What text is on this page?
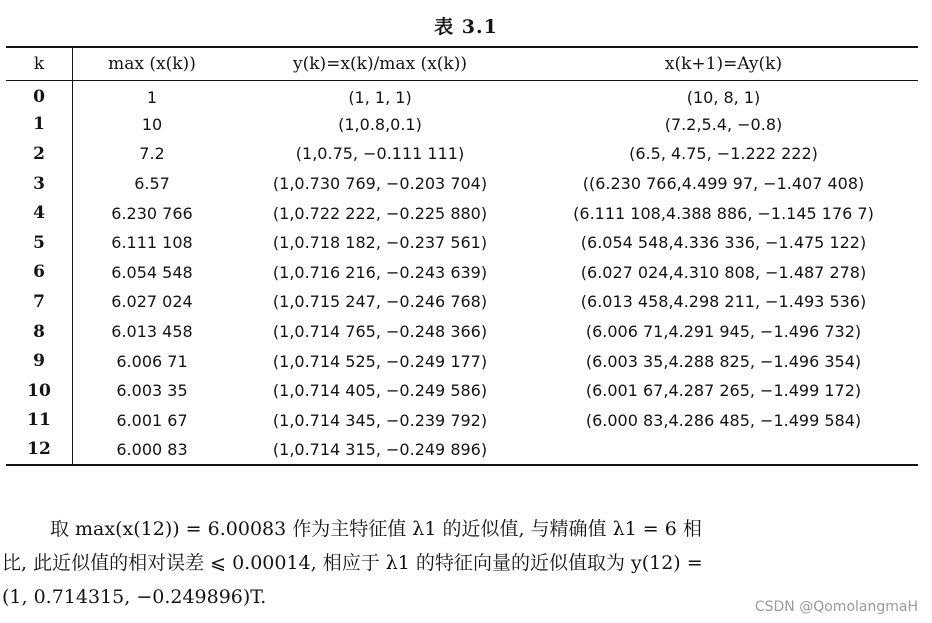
表 3.1
k	max (x(k))	y(k)=x(k)/max (x(k))	x(k+1)=Ay(k)
0	1	(1, 1, 1)	(10, 8, 1)
1	10	(1,0.8,0.1)	(7.2,5.4, −0.8)
2	7.2	(1,0.75, −0.111 111)	(6.5, 4.75, −1.222 222)
3	6.57	(1,0.730 769, −0.203 704)	((6.230 766,4.499 97, −1.407 408)
4	6.230 766	(1,0.722 222, −0.225 880)	(6.111 108,4.388 886, −1.145 176 7)
5	6.111 108	(1,0.718 182, −0.237 561)	(6.054 548,4.336 336, −1.475 122)
6	6.054 548	(1,0.716 216, −0.243 639)	(6.027 024,4.310 808, −1.487 278)
7	6.027 024	(1,0.715 247, −0.246 768)	(6.013 458,4.298 211, −1.493 536)
8	6.013 458	(1,0.714 765, −0.248 366)	(6.006 71,4.291 945, −1.496 732)
9	6.006 71	(1,0.714 525, −0.249 177)	(6.003 35,4.288 825, −1.496 354)
10	6.003 35	(1,0.714 405, −0.249 586)	(6.001 67,4.287 265, −1.499 172)
11	6.001 67	(1,0.714 345, −0.239 792)	(6.000 83,4.286 485, −1.499 584)
12	6.000 83	(1,0.714 315, −0.249 896)	
取 max(x(12)) = 6.00083 作为主特征值 λ1 的近似值, 与精确值 λ1 = 6 相
比, 此近似值的相对误差 ⩽ 0.00014, 相应于 λ1 的特征向量的近似值取为 y(12) =
(1, 0.714315, −0.249896)T.	CSDN @QomolangmaH
